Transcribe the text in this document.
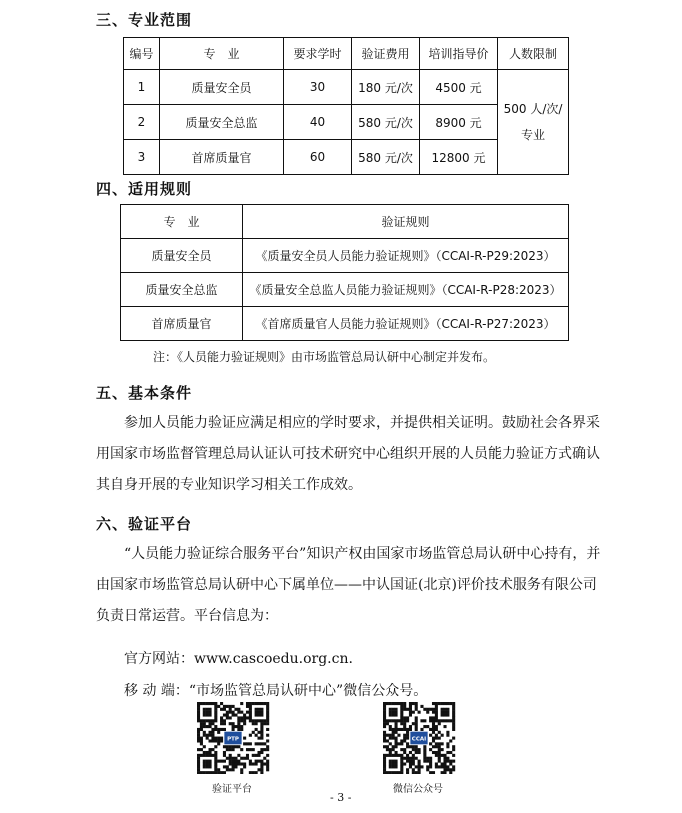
三、专业范围
编号	专　业	要求学时	验证费用	培训指导价	人数限制
1	质量安全员	30	180 元/次	4500 元	500 人/次/
专业

2	质量安全总监	40	580 元/次	8900 元	
3	首席质量官	60	580 元/次	12800 元	
四、适用规则
专　业	验证规则
质量安全员	《质量安全员人员能力验证规则》（CCAI-R-P29:2023）
质量安全总监	《质量安全总监人员能力验证规则》（CCAI-R-P28:2023）
首席质量官	《首席质量官人员能力验证规则》（CCAI-R-P27:2023）
注：《人员能力验证规则》由市场监管总局认研中心制定并发布。
五、基本条件
参加人员能力验证应满足相应的学时要求，并提供相关证明。鼓励社会各界采用国家市场监督管理总局认证认可技术研究中心组织开展的人员能力验证方式确认其自身开展的专业知识学习相关工作成效。
六、验证平台
“人员能力验证综合服务平台”知识产权由国家市场监管总局认研中心持有，并由国家市场监管总局认研中心下属单位——中认国证(北京)评价技术服务有限公司负责日常运营。平台信息为：
官方网站：www.cascoedu.org.cn.
移 动 端：“市场监管总局认研中心”微信公众号。
PTP
验证平台
CCAI
微信公众号
- 3 -
